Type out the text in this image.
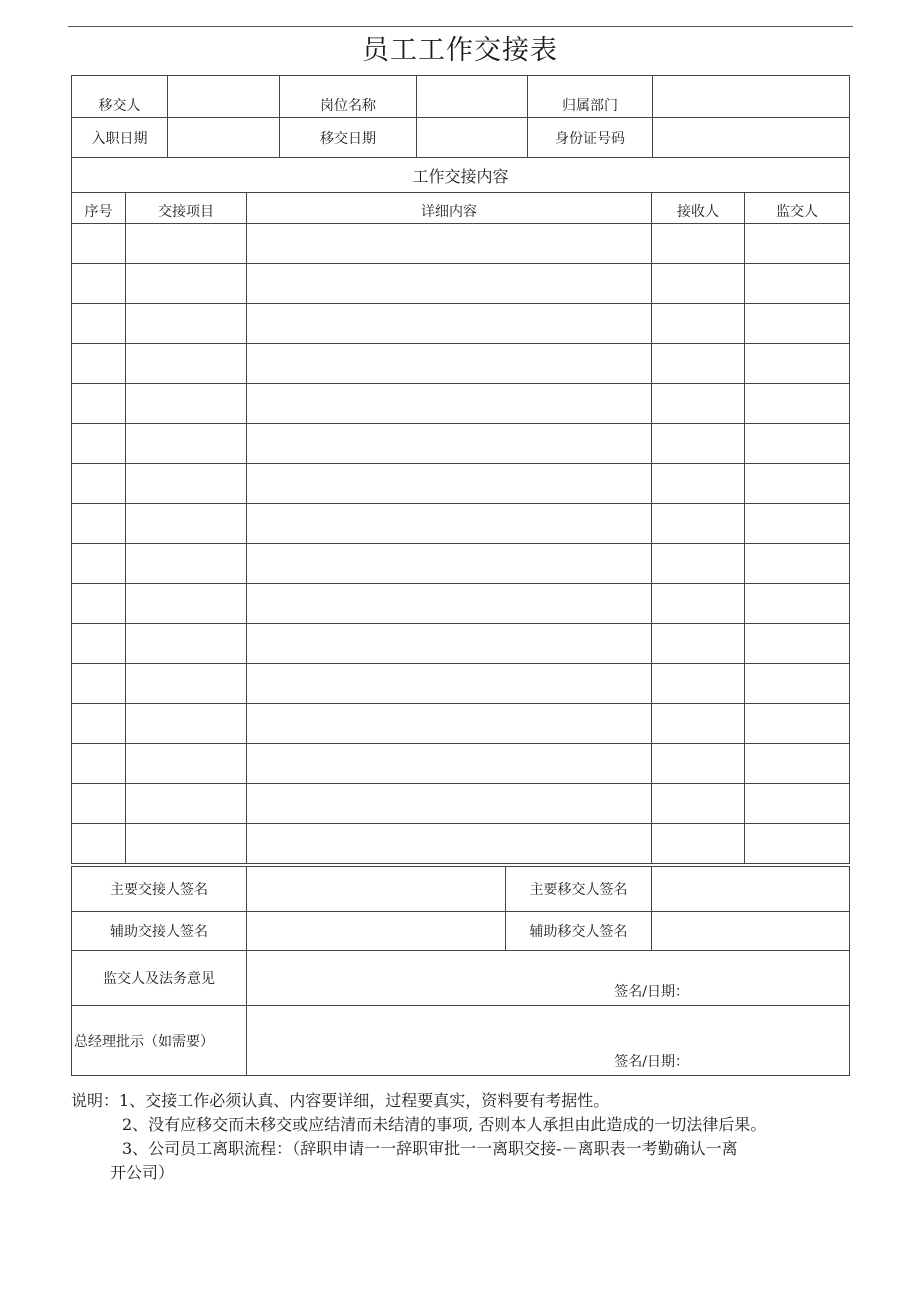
员工工作交接表
移交人		岗位名称		归属部门	
入职日期		移交日期		身份证号码	
工作交接内容				
序号	交接项目	详细内容	接收人	监交人

主要交接人签名		主要移交人签名	
辅助交接人签名		辅助移交人签名	
监交人及法务意见	签名/日期：		

总经理批示（如需要）	签名/日期：		
说明：1、交接工作必须认真、内容要详细，过程要真实，资料要有考据性。
2、没有应移交而未移交或应结清而未结清的事项, 否则本人承担由此造成的一切法律后果。
3、公司员工离职流程：（辞职申请一一辞职审批一一离职交接-－离职表一考勤确认一离
开公司）
